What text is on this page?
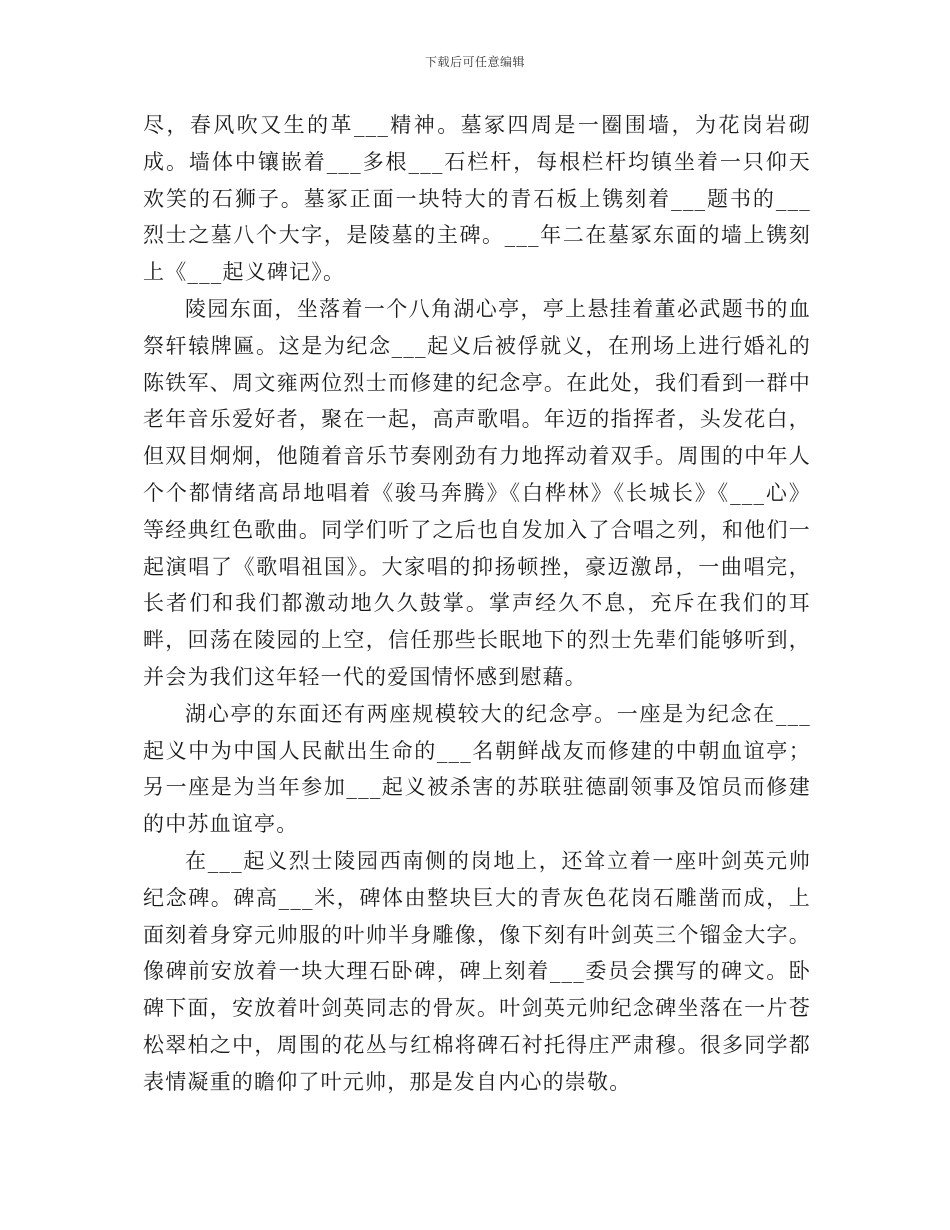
下载后可任意编辑

尽，春风吹又生的革___精神。墓冢四周是一圈围墙，为花岗岩砌成。墙体中镶嵌着___多根___石栏杆，每根栏杆均镇坐着一只仰天欢笑的石狮子。墓冢正面一块特大的青石板上镌刻着___题书的___烈士之墓八个大字，是陵墓的主碑。___年二在墓冢东面的墙上镌刻上《___起义碑记》。

陵园东面，坐落着一个八角湖心亭，亭上悬挂着董必武题书的血祭轩辕牌匾。这是为纪念___起义后被俘就义，在刑场上进行婚礼的陈铁军、周文雍两位烈士而修建的纪念亭。在此处，我们看到一群中老年音乐爱好者，聚在一起，高声歌唱。年迈的指挥者，头发花白，但双目炯炯，他随着音乐节奏刚劲有力地挥动着双手。周围的中年人个个都情绪高昂地唱着《骏马奔腾》《白桦林》《长城长》《___心》等经典红色歌曲。同学们听了之后也自发加入了合唱之列，和他们一起演唱了《歌唱祖国》。大家唱的抑扬顿挫，豪迈激昂，一曲唱完，长者们和我们都激动地久久鼓掌。掌声经久不息，充斥在我们的耳畔，回荡在陵园的上空，信任那些长眠地下的烈士先辈们能够听到，并会为我们这年轻一代的爱国情怀感到慰藉。

湖心亭的东面还有两座规模较大的纪念亭。一座是为纪念在___起义中为中国人民献出生命的___名朝鲜战友而修建的中朝血谊亭；另一座是为当年参加___起义被杀害的苏联驻德副领事及馆员而修建的中苏血谊亭。

在___起义烈士陵园西南侧的岗地上，还耸立着一座叶剑英元帅纪念碑。碑高___米，碑体由整块巨大的青灰色花岗石雕凿而成，上面刻着身穿元帅服的叶帅半身雕像，像下刻有叶剑英三个镏金大字。像碑前安放着一块大理石卧碑，碑上刻着___委员会撰写的碑文。卧碑下面，安放着叶剑英同志的骨灰。叶剑英元帅纪念碑坐落在一片苍松翠柏之中，周围的花丛与红棉将碑石衬托得庄严肃穆。很多同学都表情凝重的瞻仰了叶元帅，那是发自内心的崇敬。
